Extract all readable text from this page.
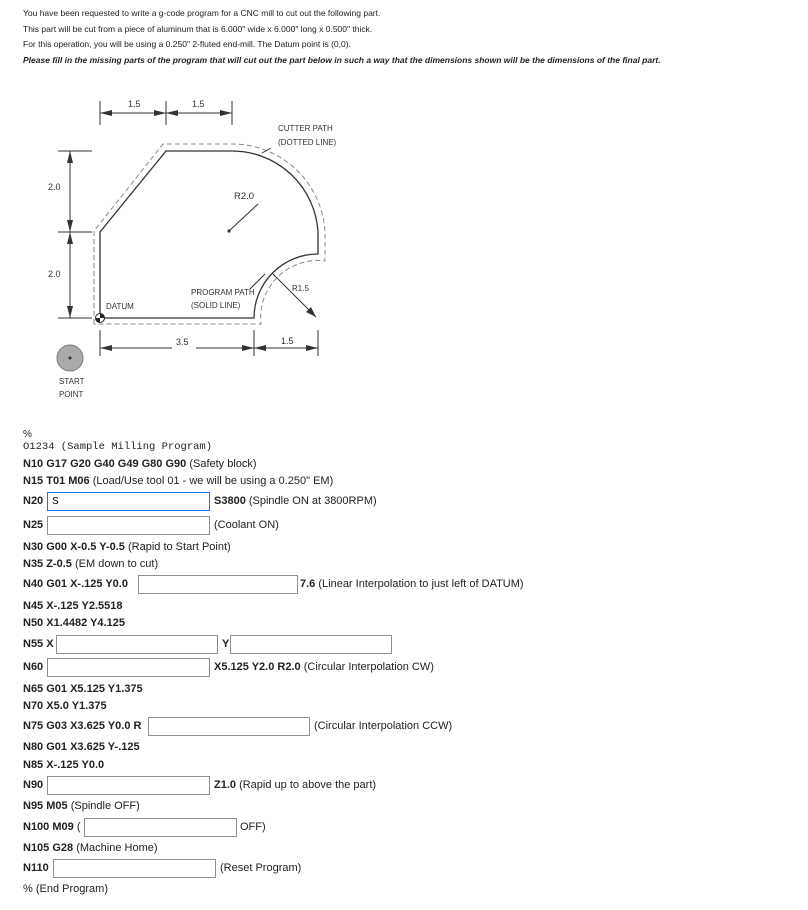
You have been requested to write a g-code program for a CNC mill to cut out the following part.

This part will be cut from a piece of aluminum that is 6.000" wide x 6.000" long x 0.500" thick.

For this operation, you will be using a 0.250" 2-fluted end-mill. The Datum point is (0,0).

Please fill in the missing parts of the program that will cut out the part below in such a way that the dimensions shown will be the dimensions of the final part.

1.5	1.5
2.0
2.0
R2.0
R1.5
CUTTER PATH
(DOTTED LINE)
PROGRAM PATH
(SOLID LINE)
DATUM
3.5	1.5
START
POINT
%
O1234 (Sample Milling Program)
N10 G17 G20 G40 G49 G80 G90 (Safety block)
N15 T01 M06 (Load/Use tool 01 - we will be using a 0.250" EM)
N20
S	S3800 (Spindle ON at 3800RPM)
N25	(Coolant ON)
N30 G00 X-0.5 Y-0.5 (Rapid to Start Point)
N35 Z-0.5 (EM down to cut)
N40 G01 X-.125 Y0.0	7.6 (Linear Interpolation to just left of DATUM)
N45 X-.125 Y2.5518
N50 X1.4482 Y4.125
N55 X	Y
N60	X5.125 Y2.0 R2.0 (Circular Interpolation CW)
N65 G01 X5.125 Y1.375
N70 X5.0 Y1.375
N75 G03 X3.625 Y0.0 R	(Circular Interpolation CCW)
N80 G01 X3.625 Y-.125
N85 X-.125 Y0.0
N90	Z1.0 (Rapid up to above the part)
N95 M05 (Spindle OFF)
N100 M09 (	OFF)
N105 G28 (Machine Home)
N110	(Reset Program)
% (End Program)
